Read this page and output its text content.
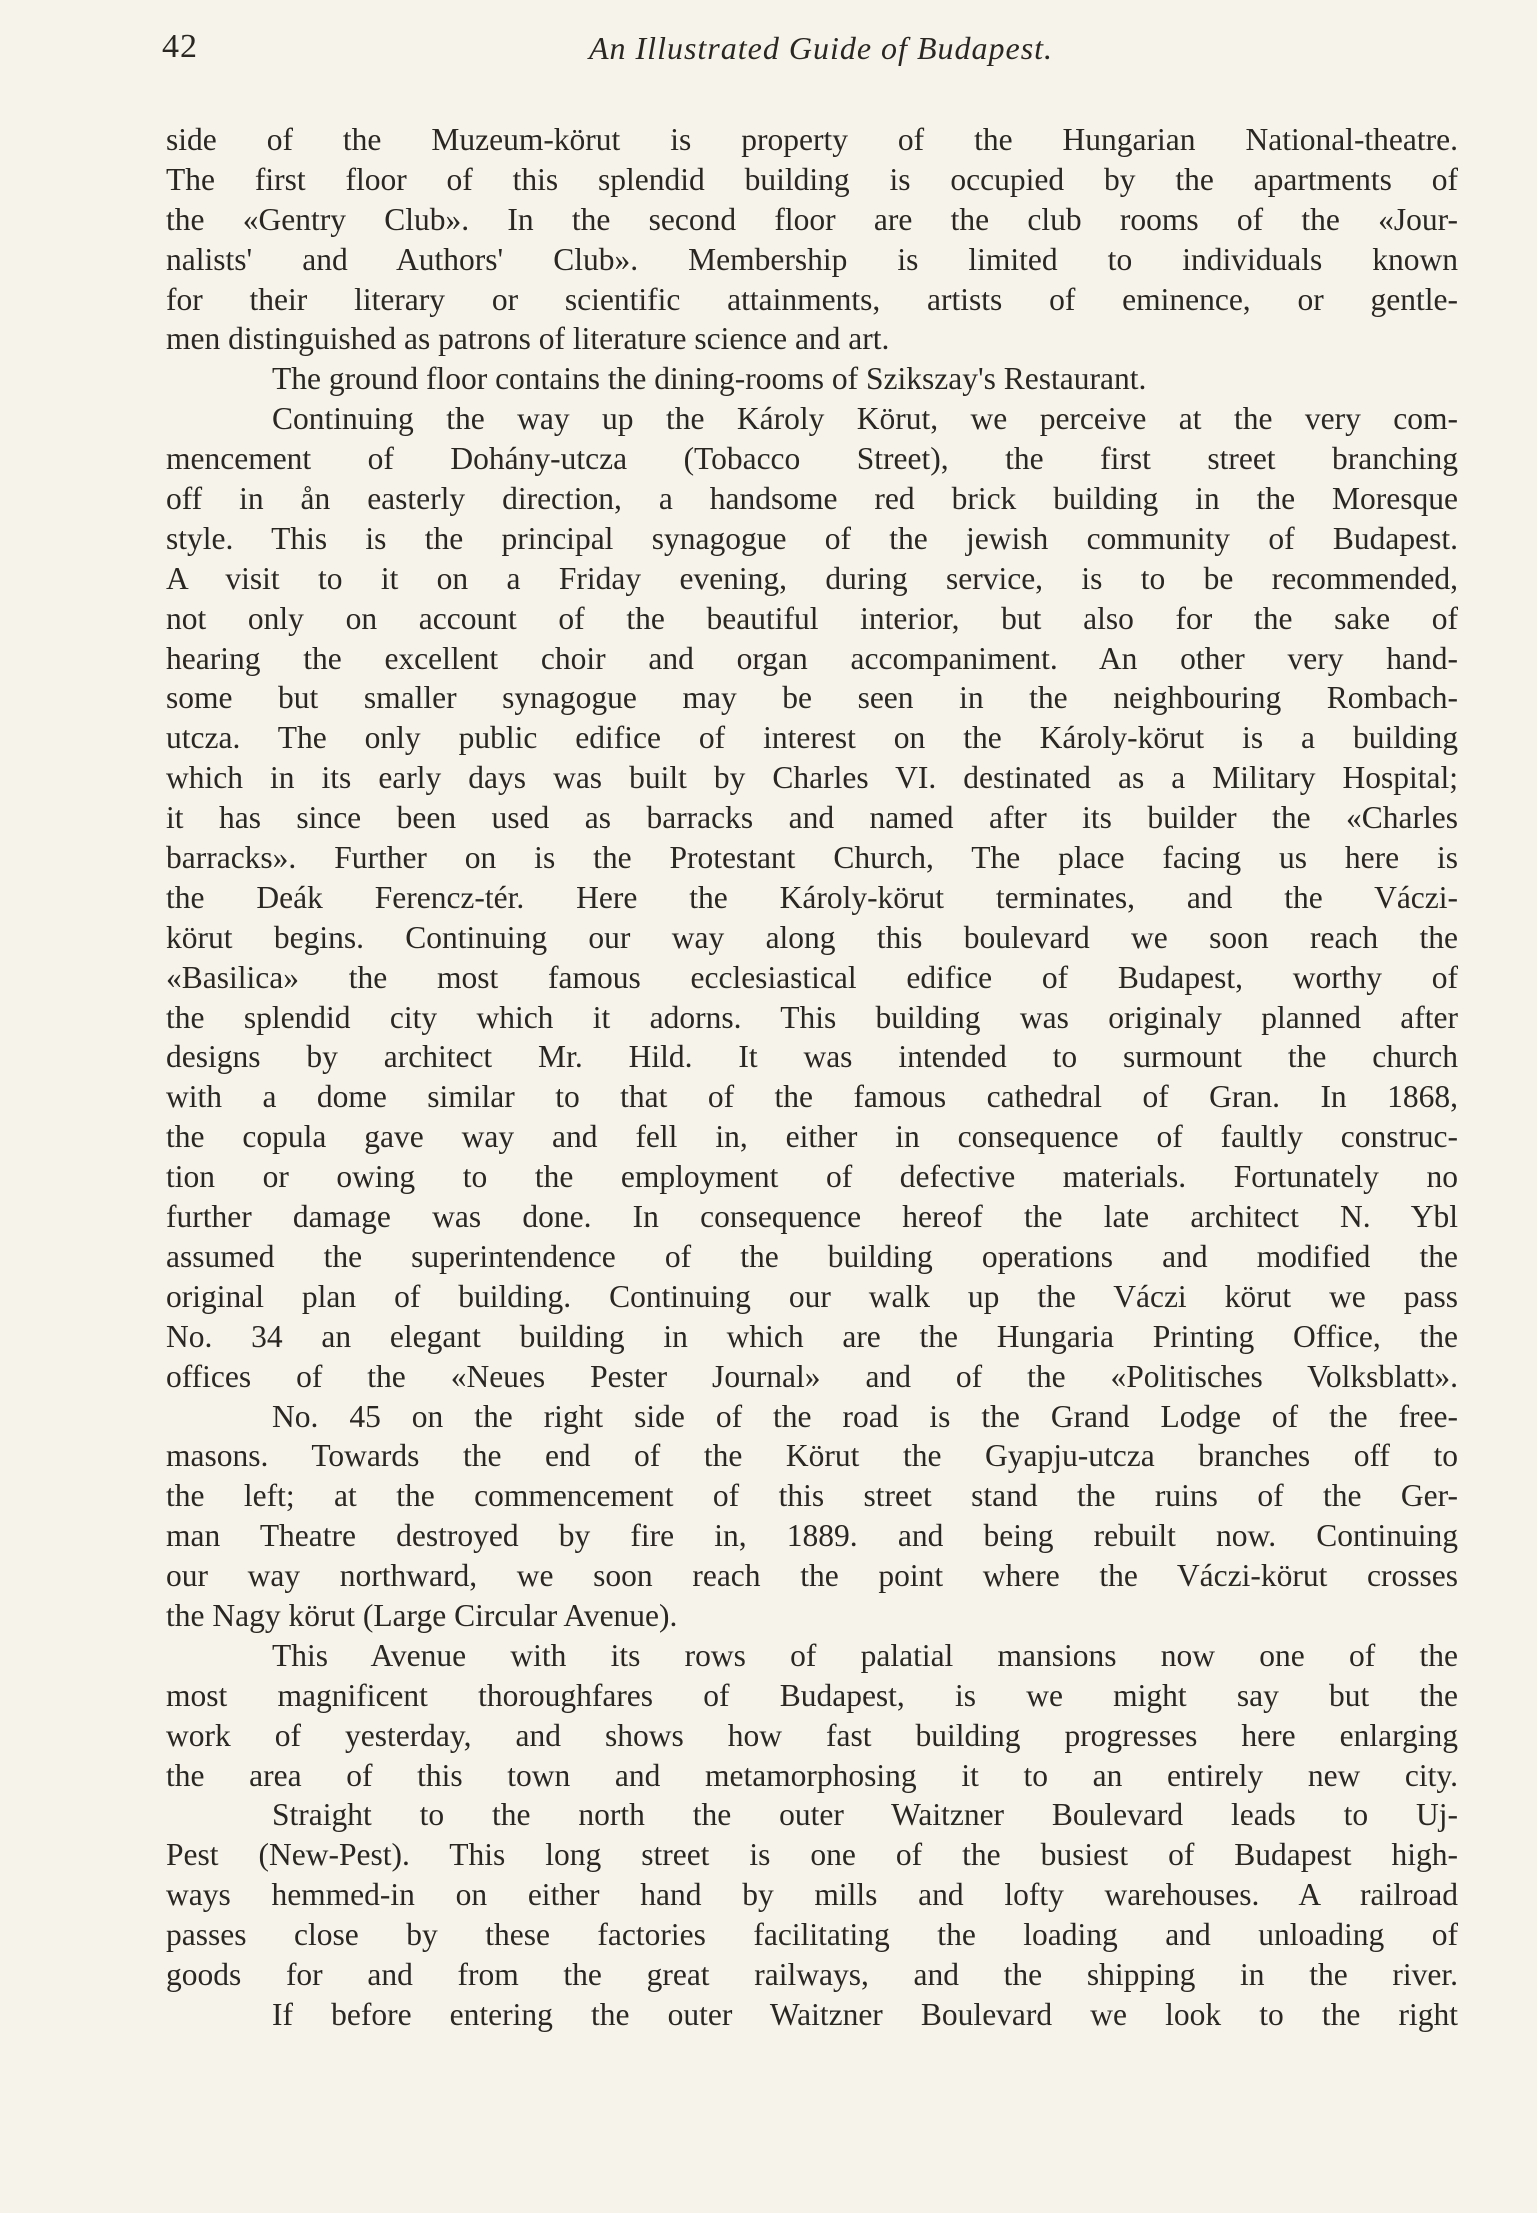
42	An Illustrated Guide of Budapest.
side of the Muzeum-körut is property of the Hungarian National-theatre.
The first floor of this splendid building is occupied by the apartments of
the «Gentry Club». In the second floor are the club rooms of the «Jour-
nalists' and Authors' Club». Membership is limited to individuals known
for their literary or scientific attainments, artists of eminence, or gentle-
men distinguished as patrons of literature science and art.
The ground floor contains the dining-rooms of Szikszay's Restaurant.
Continuing the way up the Károly Körut, we perceive at the very com-
mencement of Dohány-utcza (Tobacco Street), the first street branching
off in ån easterly direction, a handsome red brick building in the Moresque
style. This is the principal synagogue of the jewish community of Budapest.
A visit to it on a Friday evening, during service, is to be recommended,
not only on account of the beautiful interior, but also for the sake of
hearing the excellent choir and organ accompaniment. An other very hand-
some but smaller synagogue may be seen in the neighbouring Rombach-
utcza. The only public edifice of interest on the Károly-körut is a building
which in its early days was built by Charles VI. destinated as a Military Hospital;
it has since been used as barracks and named after its builder the «Charles
barracks». Further on is the Protestant Church, The place facing us here is
the Deák Ferencz-tér. Here the Károly-körut terminates, and the Váczi-
körut begins. Continuing our way along this boulevard we soon reach the
«Basilica» the most famous ecclesiastical edifice of Budapest, worthy of
the splendid city which it adorns. This building was originaly planned after
designs by architect Mr. Hild. It was intended to surmount the church
with a dome similar to that of the famous cathedral of Gran. In 1868,
the copula gave way and fell in, either in consequence of faultly construc-
tion or owing to the employment of defective materials. Fortunately no
further damage was done. In consequence hereof the late architect N. Ybl
assumed the superintendence of the building operations and modified the
original plan of building. Continuing our walk up the Váczi körut we pass
No. 34 an elegant building in which are the Hungaria Printing Office, the
offices of the «Neues Pester Journal» and of the «Politisches Volksblatt».
No. 45 on the right side of the road is the Grand Lodge of the free-
masons. Towards the end of the Körut the Gyapju-utcza branches off to
the left; at the commencement of this street stand the ruins of the Ger-
man Theatre destroyed by fire in, 1889. and being rebuilt now. Continuing
our way northward, we soon reach the point where the Váczi-körut crosses
the Nagy körut (Large Circular Avenue).
This Avenue with its rows of palatial mansions now one of the
most magnificent thoroughfares of Budapest, is we might say but the
work of yesterday, and shows how fast building progresses here enlarging
the area of this town and metamorphosing it to an entirely new city.
Straight to the north the outer Waitzner Boulevard leads to Uj-
Pest (New-Pest). This long street is one of the busiest of Budapest high-
ways hemmed-in on either hand by mills and lofty warehouses. A railroad
passes close by these factories facilitating the loading and unloading of
goods for and from the great railways, and the shipping in the river.
If before entering the outer Waitzner Boulevard we look to the right
